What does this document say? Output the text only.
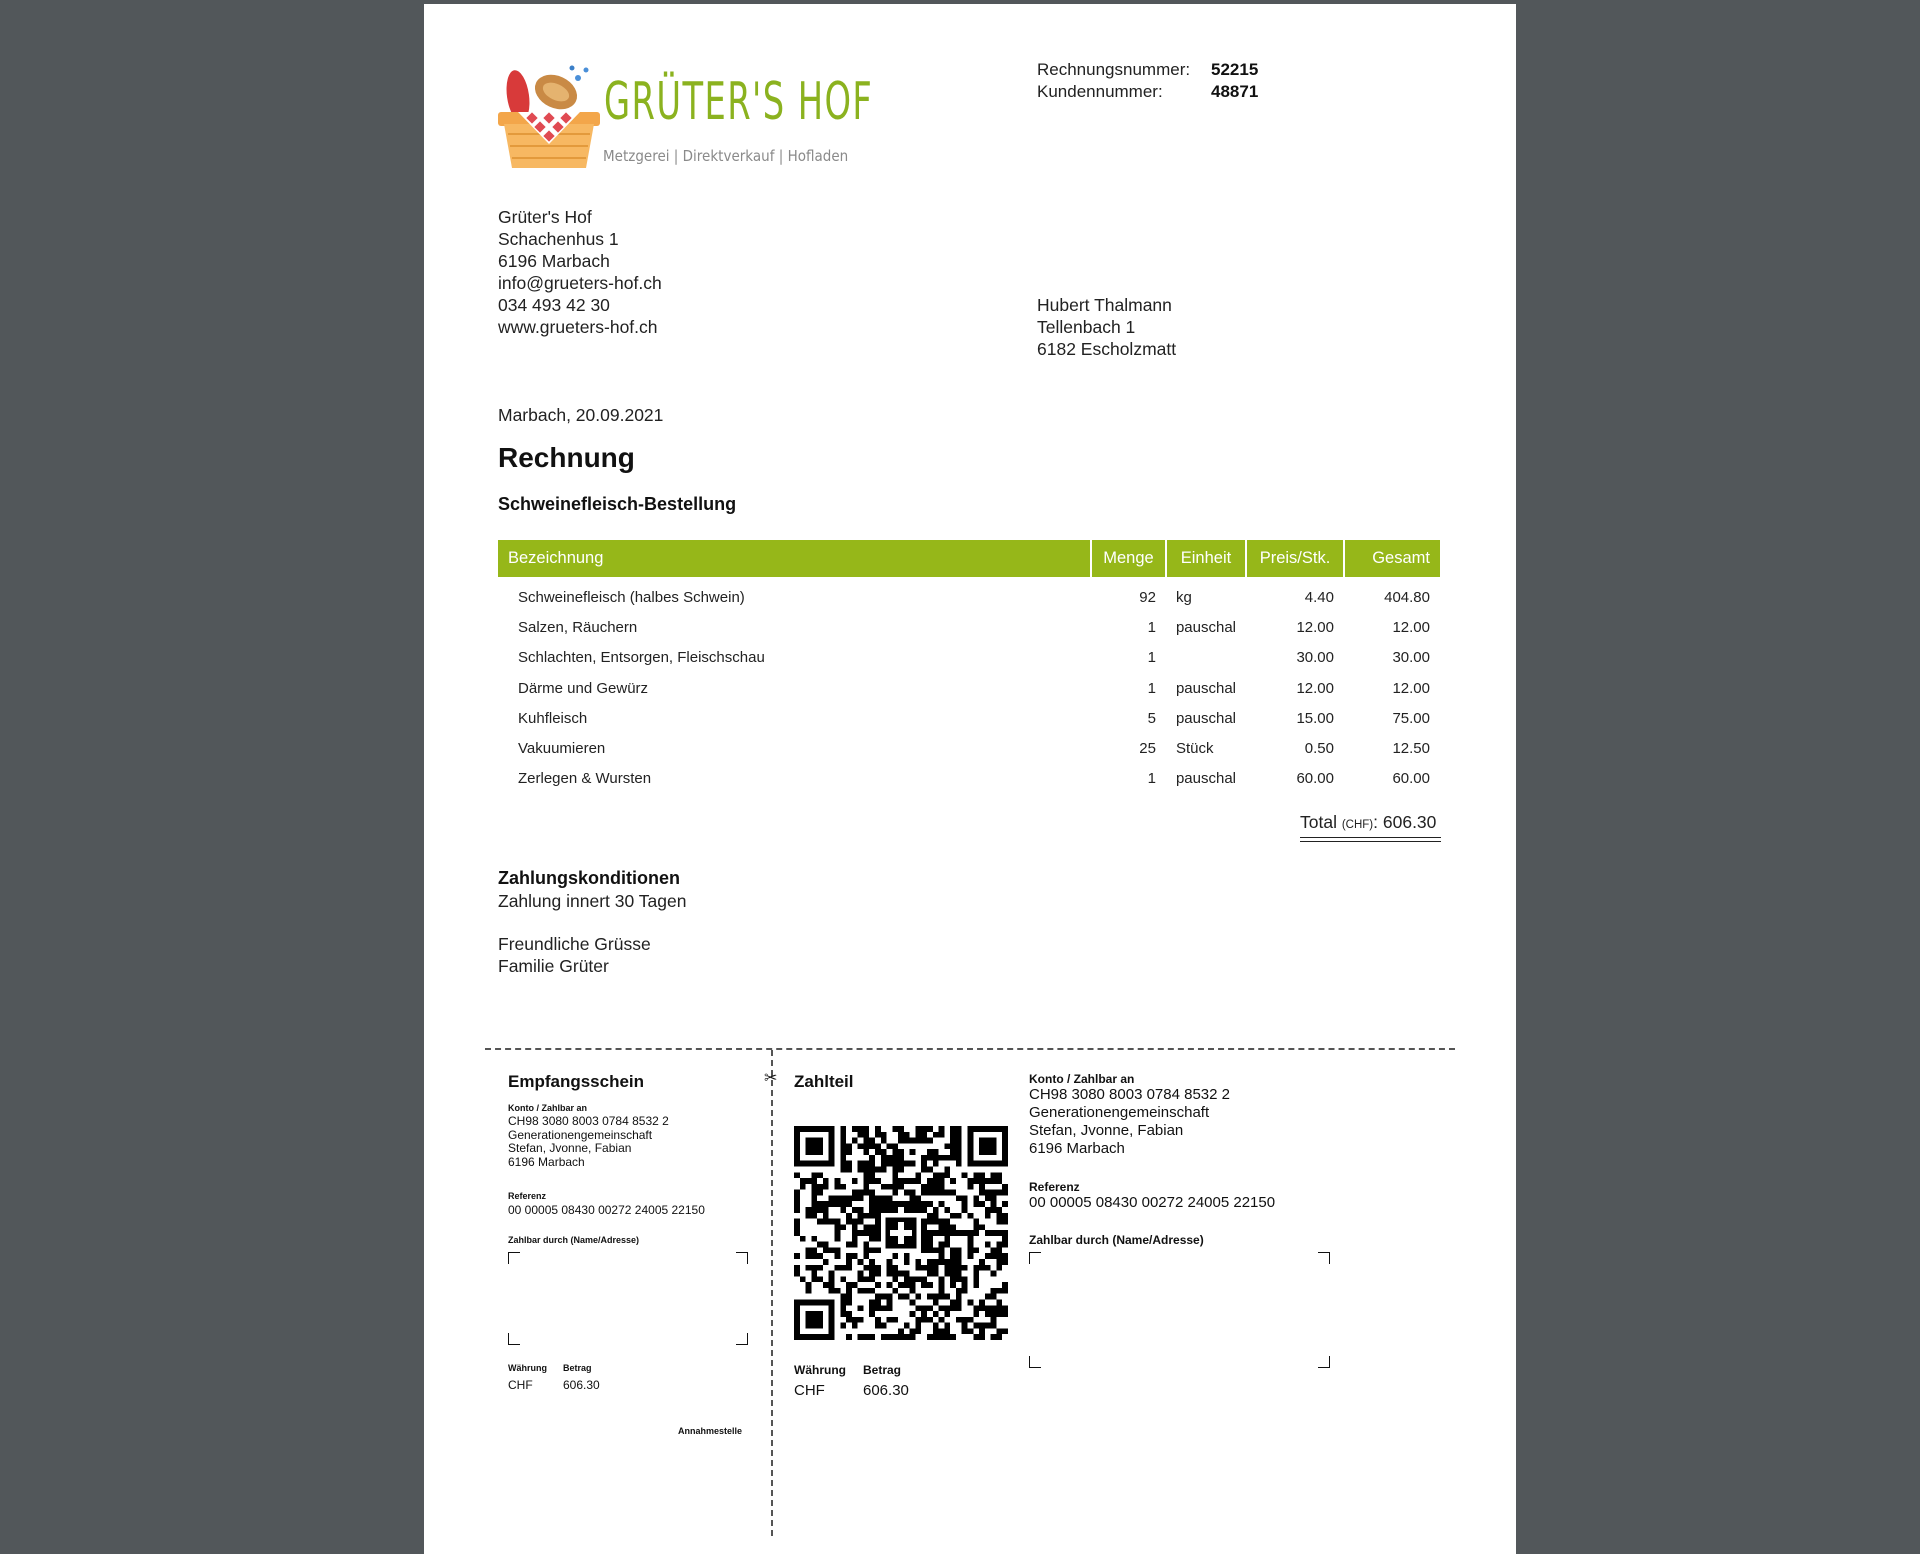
GRÜTER'S HOF
Metzgerei | Direktverkauf | Hofladen
Rechnungsnummer: 52215
Kundennummer:	48871
Grüter's Hof
Schachenhus 1
6196 Marbach
info@grueters-hof.ch
034 493 42 30
www.grueters-hof.ch
Hubert Thalmann
Tellenbach 1
6182 Escholzmatt
Marbach, 20.09.2021
Rechnung
Schweinefleisch-Bestellung
Bezeichnung	Menge	Einheit	Preis/Stk.	Gesamt

Schweinefleisch (halbes Schwein)	92	kg	4.40	404.80
Salzen, Räuchern	1	pauschal	12.00	12.00
Schlachten, Entsorgen, Fleischschau	1		30.00	30.00
Därme und Gewürz	1	pauschal	12.00	12.00
Kuhfleisch	5	pauschal	15.00	75.00
Vakuumieren	25	Stück	0.50	12.50
Zerlegen & Wursten	1	pauschal	60.00	60.00
Total (CHF): 606.30
Zahlungskonditionen
Zahlung innert 30 Tagen
Freundliche Grüsse
Familie Grüter
✂
Empfangsschein
Konto / Zahlbar an
CH98 3080 8003 0784 8532 2
Generationengemeinschaft
Stefan, Jvonne, Fabian
6196 Marbach
Referenz
00 00005 08430 00272 24005 22150
Zahlbar durch (Name/Adresse)
Währung Betrag
CHF	606.30
Annahmestelle
Zahlteil
Währung Betrag
CHF	606.30
Konto / Zahlbar an
CH98 3080 8003 0784 8532 2
Generationengemeinschaft
Stefan, Jvonne, Fabian
6196 Marbach
Referenz
00 00005 08430 00272 24005 22150
Zahlbar durch (Name/Adresse)
